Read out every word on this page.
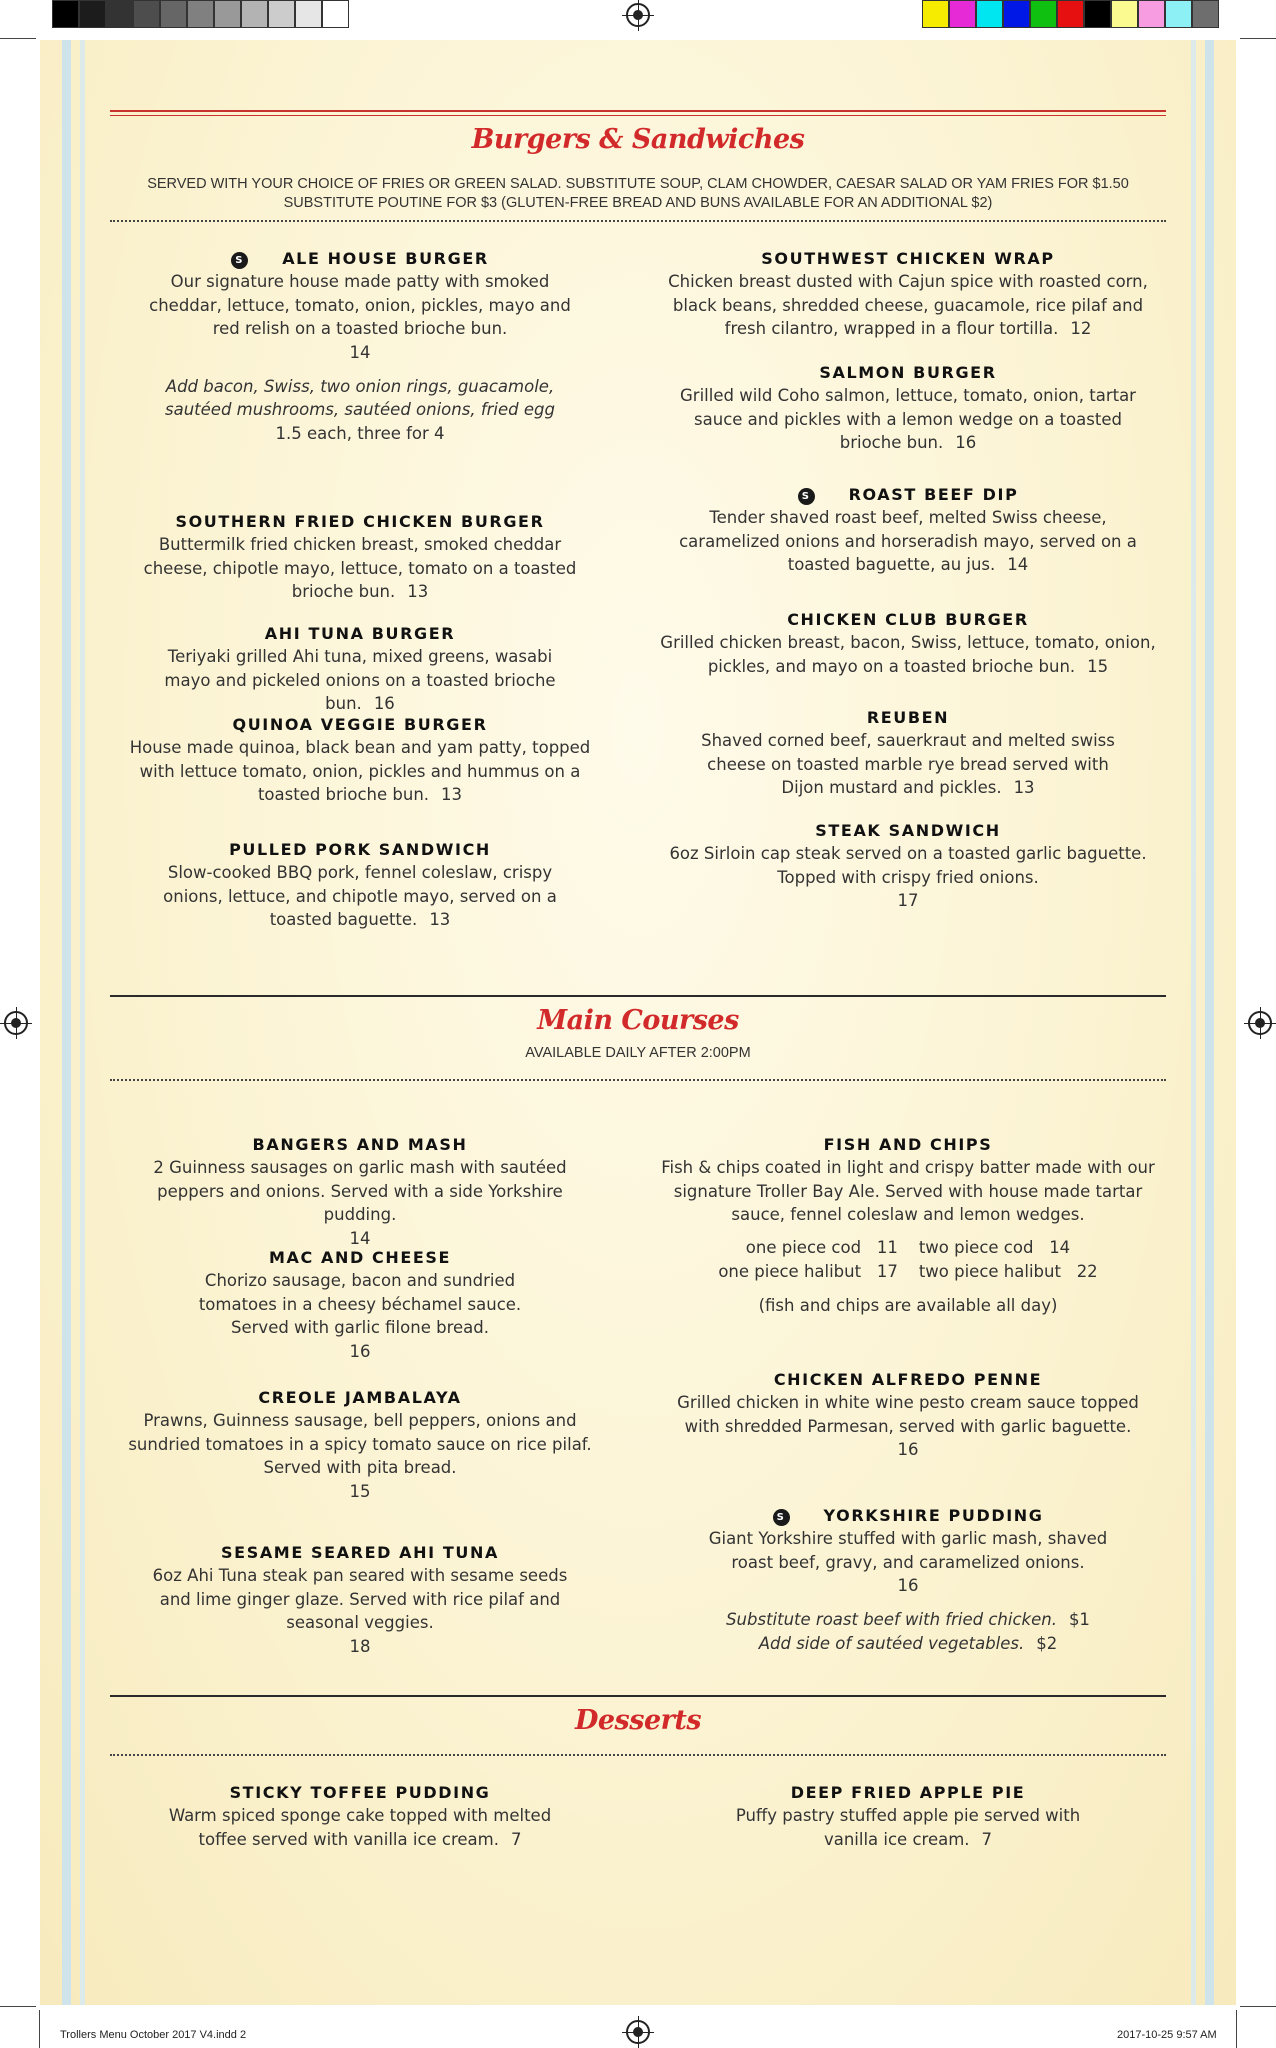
Trollers Menu October 2017 V4.indd 2	2017-10-25 9:57 AM
Burgers & Sandwiches
SERVED WITH YOUR CHOICE OF FRIES OR GREEN SALAD. SUBSTITUTE SOUP, CLAM CHOWDER, CAESAR SALAD OR YAM FRIES FOR $1.50
SUBSTITUTE POUTINE FOR $3 (GLUTEN-FREE BREAD AND BUNS AVAILABLE FOR AN ADDITIONAL $2)
S ALE HOUSE BURGER
Our signature house made patty with smoked cheddar, lettuce, tomato, onion, pickles, mayo and red relish on a toasted brioche bun.
14
Add bacon, Swiss, two onion rings, guacamole, sautéed mushrooms, sautéed onions, fried egg
1.5 each, three for 4
SOUTHERN FRIED CHICKEN BURGER
Buttermilk fried chicken breast, smoked cheddar cheese, chipotle mayo, lettuce, tomato on a toasted brioche bun. 13
AHI TUNA BURGER
Teriyaki grilled Ahi tuna, mixed greens, wasabi mayo and pickeled onions on a toasted brioche bun. 16
QUINOA VEGGIE BURGER
House made quinoa, black bean and yam patty, topped with lettuce tomato, onion, pickles and hummus on a toasted brioche bun. 13
PULLED PORK SANDWICH
Slow-cooked BBQ pork, fennel coleslaw, crispy onions, lettuce, and chipotle mayo, served on a toasted baguette. 13
SOUTHWEST CHICKEN WRAP
Chicken breast dusted with Cajun spice with roasted corn, black beans, shredded cheese, guacamole, rice pilaf and fresh cilantro, wrapped in a flour tortilla. 12
SALMON BURGER
Grilled wild Coho salmon, lettuce, tomato, onion, tartar sauce and pickles with a lemon wedge on a toasted brioche bun. 16
S ROAST BEEF DIP
Tender shaved roast beef, melted Swiss cheese, caramelized onions and horseradish mayo, served on a toasted baguette, au jus. 14
CHICKEN CLUB BURGER
Grilled chicken breast, bacon, Swiss, lettuce, tomato, onion, pickles, and mayo on a toasted brioche bun. 15
REUBEN
Shaved corned beef, sauerkraut and melted swiss cheese on toasted marble rye bread served with Dijon mustard and pickles. 13
STEAK SANDWICH
6oz Sirloin cap steak served on a toasted garlic baguette. Topped with crispy fried onions.
17
Main Courses
AVAILABLE DAILY AFTER 2:00PM
BANGERS AND MASH
2 Guinness sausages on garlic mash with sautéed peppers and onions. Served with a side Yorkshire pudding.
14
MAC AND CHEESE
Chorizo sausage, bacon and sundried tomatoes in a cheesy béchamel sauce. Served with garlic filone bread.
16
CREOLE JAMBALAYA
Prawns, Guinness sausage, bell peppers, onions and sundried tomatoes in a spicy tomato sauce on rice pilaf. Served with pita bread.
15
SESAME SEARED AHI TUNA
6oz Ahi Tuna steak pan seared with sesame seeds and lime ginger glaze. Served with rice pilaf and seasonal veggies.
18
FISH AND CHIPS
Fish & chips coated in light and crispy batter made with our signature Troller Bay Ale. Served with house made tartar sauce, fennel coleslaw and lemon wedges.
one piece cod 11 two piece cod 14
one piece halibut 17 two piece halibut 22
(fish and chips are available all day)
CHICKEN ALFREDO PENNE
Grilled chicken in white wine pesto cream sauce topped with shredded Parmesan, served with garlic baguette.
16
S YORKSHIRE PUDDING
Giant Yorkshire stuffed with garlic mash, shaved roast beef, gravy, and caramelized onions.
16
Substitute roast beef with fried chicken. $1
Add side of sautéed vegetables. $2
Desserts
STICKY TOFFEE PUDDING
Warm spiced sponge cake topped with melted toffee served with vanilla ice cream. 7
DEEP FRIED APPLE PIE
Puffy pastry stuffed apple pie served with vanilla ice cream. 7
